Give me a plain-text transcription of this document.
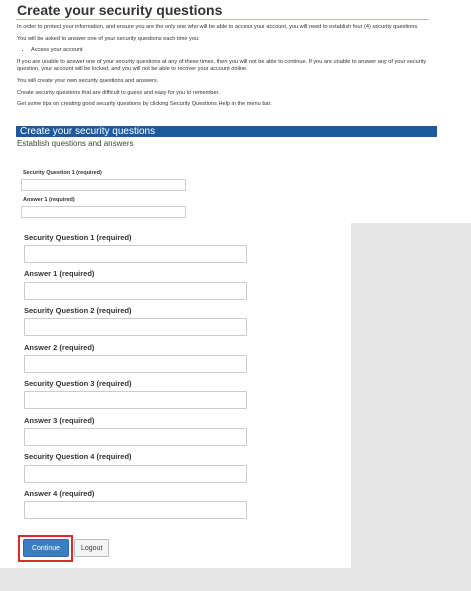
Create your security questions

In order to protect your information, and ensure you are the only one who will be able to access your account, you will need to establish four (4) security questions.

You will be asked to answer one of your security questions each time you:

• Access your account

If you are unable to answer one of your security questions at any of these times, then you will not be able to continue. If you are unable to answer any of your security question, your account will be locked, and you will not be able to recover your account online.

You will create your own security questions and answers.

Create security questions that are difficult to guess and easy for you to remember.

Get some tips on creating good security questions by clicking Security Questions Help in the menu bar.

Create your security questions
Establish questions and answers
Security Question 1 (required)
Answer 1 (required)
Security Question 1 (required)
Answer 1 (required)
Security Question 2 (required)
Answer 2 (required)
Security Question 3 (required)
Answer 3 (required)
Security Question 4 (required)
Answer 4 (required)
Continue	Logout
